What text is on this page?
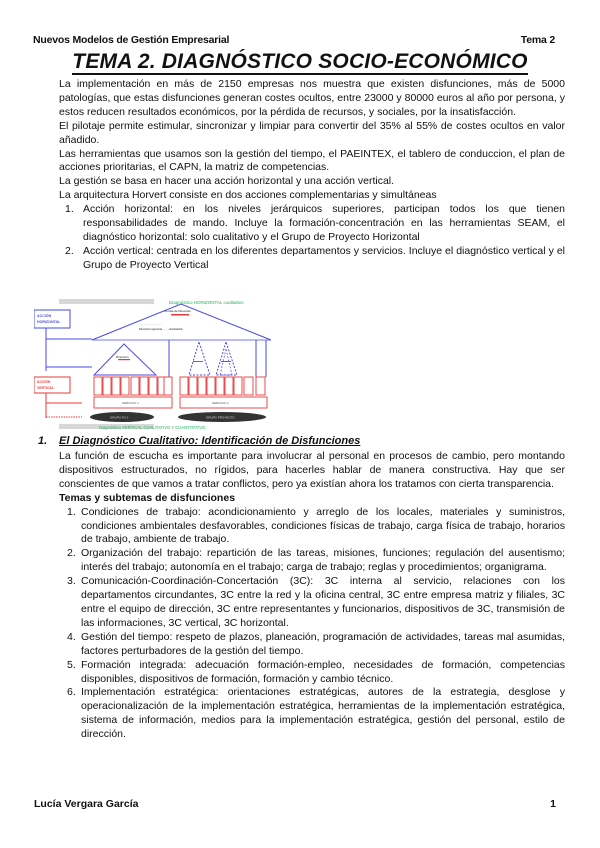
Nuevos Modelos de Gestión Empresarial	Tema 2
TEMA 2. DIAGNÓSTICO SOCIO-ECONÓMICO

La implementación en más de 2150 empresas nos muestra que existen disfunciones, más de 5000 patologías, que estas disfunciones generan costes ocultos, entre 23000 y 80000 euros al año por persona, y estos reducen resultados económicos, por la pérdida de recursos, y sociales, por la insatisfacción.

El pilotaje permite estimular, sincronizar y limpiar para convertir del 35% al 55% de costes ocultos en valor añadido.

Las herramientas que usamos son la gestión del tiempo, el PAEINTEX, el tablero de conduccion, el plan de acciones prioritarias, el CAPN, la matriz de competencias.

La gestión se basa en hacer una acción horizontal y una acción vertical.

La arquitectura Horvert consiste en dos acciones complementarias y simultáneas

1. Acción horizontal: en los niveles jerárquicos superiores, participan todos los que tienen responsabilidades de mando. Incluye la formación-concentración en las herramientas SEAM, el diagnóstico horizontal: solo cualitativo y el Grupo de Proyecto Horizontal
2. Acción vertical: centrada en los diferentes departamentos y servicios. Incluye el diagnóstico vertical y el Grupo de Proyecto Vertical
Diagnóstico HORIZONTAL cualitativo
ACCIÓN
HORIZONTAL
Comité de Dirección
····· ····· ········· ·····
Dirección Ingeniería ······· Explotación
Dirección
ACCIÓN
VERTICAL
SERVICIO 1	SERVICIO 2
GRUPO PV 1	GRUPO PROYECTO
Diagnóstico VERTICAL CUALITATIVO Y CUANTITATIVO
1. El Diagnóstico Cualitativo: Identificación de Disfunciones

La función de escucha es importante para involucrar al personal en procesos de cambio, pero montando dispositivos estructurados, no rígidos, para hacerles hablar de manera constructiva. Hay que ser conscientes de que vamos a tratar conflictos, pero ya existían ahora los tratamos con cierta transparencia.

Temas y subtemas de disfunciones
1. Condiciones de trabajo: acondicionamiento y arreglo de los locales, materiales y suministros, condiciones ambientales desfavorables, condiciones físicas de trabajo, carga física de trabajo, horarios de trabajo, ambiente de trabajo.
2. Organización del trabajo: repartición de las tareas, misiones, funciones; regulación del ausentismo; interés del trabajo; autonomía en el trabajo; carga de trabajo; reglas y procedimientos; organigrama.
3. Comunicación-Coordinación-Concertación (3C): 3C interna al servicio, relaciones con los departamentos circundantes, 3C entre la red y la oficina central, 3C entre empresa matriz y filiales, 3C entre el equipo de dirección, 3C entre representantes y funcionarios, dispositivos de 3C, transmisión de las informaciones, 3C vertical, 3C horizontal.
4. Gestión del tiempo: respeto de plazos, planeación, programación de actividades, tareas mal asumidas, factores perturbadores de la gestión del tiempo.
5. Formación integrada: adecuación formación-empleo, necesidades de formación, competencias disponibles, dispositivos de formación, formación y cambio técnico.
6. Implementación estratégica: orientaciones estratégicas, autores de la estrategia, desglose y operacionalización de la implementación estratégica, herramientas de la implementación estratégica, sistema de información, medios para la implementación estratégica, gestión del personal, estilo de dirección.
Lucía Vergara García	1
